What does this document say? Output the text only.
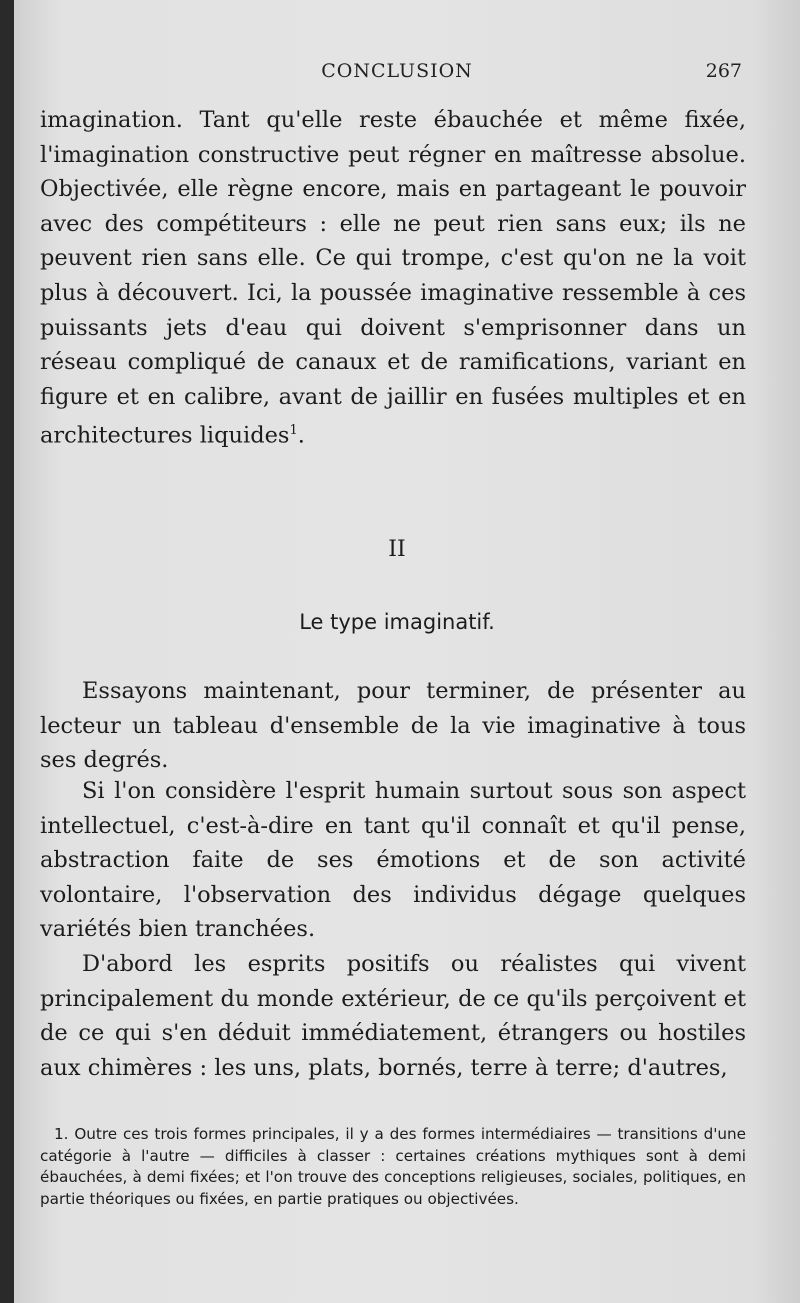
CONCLUSION	267

imagination. Tant qu'elle reste ébauchée et même fixée, l'imagination constructive peut régner en maîtresse absolue. Objectivée, elle règne encore, mais en partageant le pouvoir avec des compétiteurs : elle ne peut rien sans eux; ils ne peuvent rien sans elle. Ce qui trompe, c'est qu'on ne la voit plus à découvert. Ici, la poussée imaginative ressemble à ces puissants jets d'eau qui doivent s'emprisonner dans un réseau compliqué de canaux et de ramifications, variant en figure et en calibre, avant de jaillir en fusées multiples et en architectures liquides$^1$.

II
Le type imaginatif.

Essayons maintenant, pour terminer, de présenter au lecteur un tableau d'ensemble de la vie imaginative à tous ses degrés.

Si l'on considère l'esprit humain surtout sous son aspect intellectuel, c'est-à-dire en tant qu'il connaît et qu'il pense, abstraction faite de ses émotions et de son activité volontaire, l'observation des individus dégage quelques variétés bien tranchées.

D'abord les esprits positifs ou réalistes qui vivent principalement du monde extérieur, de ce qu'ils perçoivent et de ce qui s'en déduit immédiatement, étrangers ou hostiles aux chimères : les uns, plats, bornés, terre à terre; d'autres,

1. Outre ces trois formes principales, il y a des formes intermédiaires — transitions d'une catégorie à l'autre — difficiles à classer : certaines créations mythiques sont à demi ébauchées, à demi fixées; et l'on trouve des conceptions religieuses, sociales, politiques, en partie théoriques ou fixées, en partie pratiques ou objectivées.
